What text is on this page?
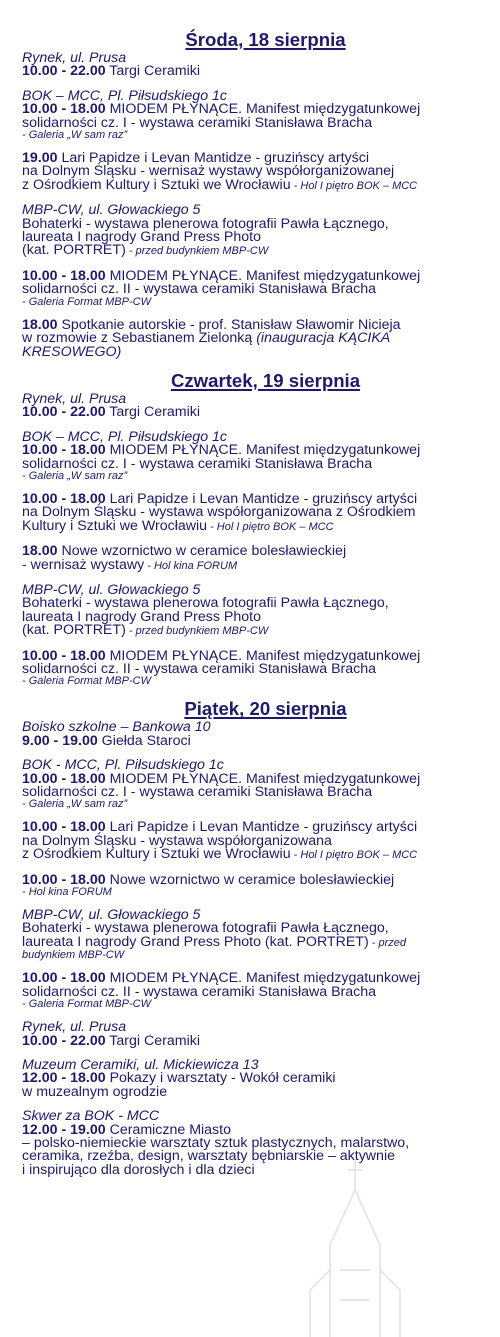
Środa, 18 sierpnia
Rynek, ul. Prusa
10.00 - 22.00 Targi Ceramiki
BOK – MCC, Pl. Piłsudskiego 1c
10.00 - 18.00 MIODEM PŁYNĄCE. Manifest międzygatunkowej
solidarności cz. I - wystawa ceramiki Stanisława Bracha
- Galeria „W sam raz”
19.00 Lari Papidze i Levan Mantidze - gruzińscy artyści
na Dolnym Śląsku - wernisaż wystawy współorganizowanej
z Ośrodkiem Kultury i Sztuki we Wrocławiu - Hol I piętro BOK – MCC
MBP-CW, ul. Głowackiego 5
Bohaterki - wystawa plenerowa fotografii Pawła Łącznego,
laureata I nagrody Grand Press Photo
(kat. PORTRET) - przed budynkiem MBP-CW
10.00 - 18.00 MIODEM PŁYNĄCE. Manifest międzygatunkowej
solidarności cz. II - wystawa ceramiki Stanisława Bracha
- Galeria Format MBP-CW
18.00 Spotkanie autorskie - prof. Stanisław Sławomir Nicieja
w rozmowie z Sebastianem Zielonką (inauguracja KĄCIKA
KRESOWEGO)
Czwartek, 19 sierpnia
Rynek, ul. Prusa
10.00 - 22.00 Targi Ceramiki
BOK – MCC, Pl. Piłsudskiego 1c
10.00 - 18.00 MIODEM PŁYNĄCE. Manifest międzygatunkowej
solidarności cz. I - wystawa ceramiki Stanisława Bracha
- Galeria „W sam raz”
10.00 - 18.00 Lari Papidze i Levan Mantidze - gruzińscy artyści
na Dolnym Śląsku - wystawa współorganizowana z Ośrodkiem
Kultury i Sztuki we Wrocławiu - Hol I piętro BOK – MCC
18.00 Nowe wzornictwo w ceramice bolesławieckiej
- wernisaż wystawy - Hol kina FORUM
MBP-CW, ul. Głowackiego 5
Bohaterki - wystawa plenerowa fotografii Pawła Łącznego,
laureata I nagrody Grand Press Photo
(kat. PORTRET) - przed budynkiem MBP-CW
10.00 - 18.00 MIODEM PŁYNĄCE. Manifest międzygatunkowej
solidarności cz. II - wystawa ceramiki Stanisława Bracha
- Galeria Format MBP-CW
Piątek, 20 sierpnia
Boisko szkolne – Bankowa 10
9.00 - 19.00 Giełda Staroci
BOK - MCC, Pl. Piłsudskiego 1c
10.00 - 18.00 MIODEM PŁYNĄCE. Manifest międzygatunkowej
solidarności cz. I - wystawa ceramiki Stanisława Bracha
- Galeria „W sam raz”
10.00 - 18.00 Lari Papidze i Levan Mantidze - gruzińscy artyści
na Dolnym Śląsku - wystawa współorganizowana
z Ośrodkiem Kultury i Sztuki we Wrocławiu - Hol I piętro BOK – MCC
10.00 - 18.00 Nowe wzornictwo w ceramice bolesławieckiej
- Hol kina FORUM
MBP-CW, ul. Głowackiego 5
Bohaterki - wystawa plenerowa fotografii Pawła Łącznego,
laureata I nagrody Grand Press Photo (kat. PORTRET) - przed
budynkiem MBP-CW
10.00 - 18.00 MIODEM PŁYNĄCE. Manifest międzygatunkowej
solidarności cz. II - wystawa ceramiki Stanisława Bracha
- Galeria Format MBP-CW
Rynek, ul. Prusa
10.00 - 22.00 Targi Ceramiki
Muzeum Ceramiki, ul. Mickiewicza 13
12.00 - 18.00 Pokazy i warsztaty - Wokół ceramiki
w muzealnym ogrodzie
Skwer za BOK - MCC
12.00 - 19.00 Ceramiczne Miasto
– polsko-niemieckie warsztaty sztuk plastycznych, malarstwo,
ceramika, rzeźba, design, warsztaty bębniarskie – aktywnie
i inspirująco dla dorosłych i dla dzieci
